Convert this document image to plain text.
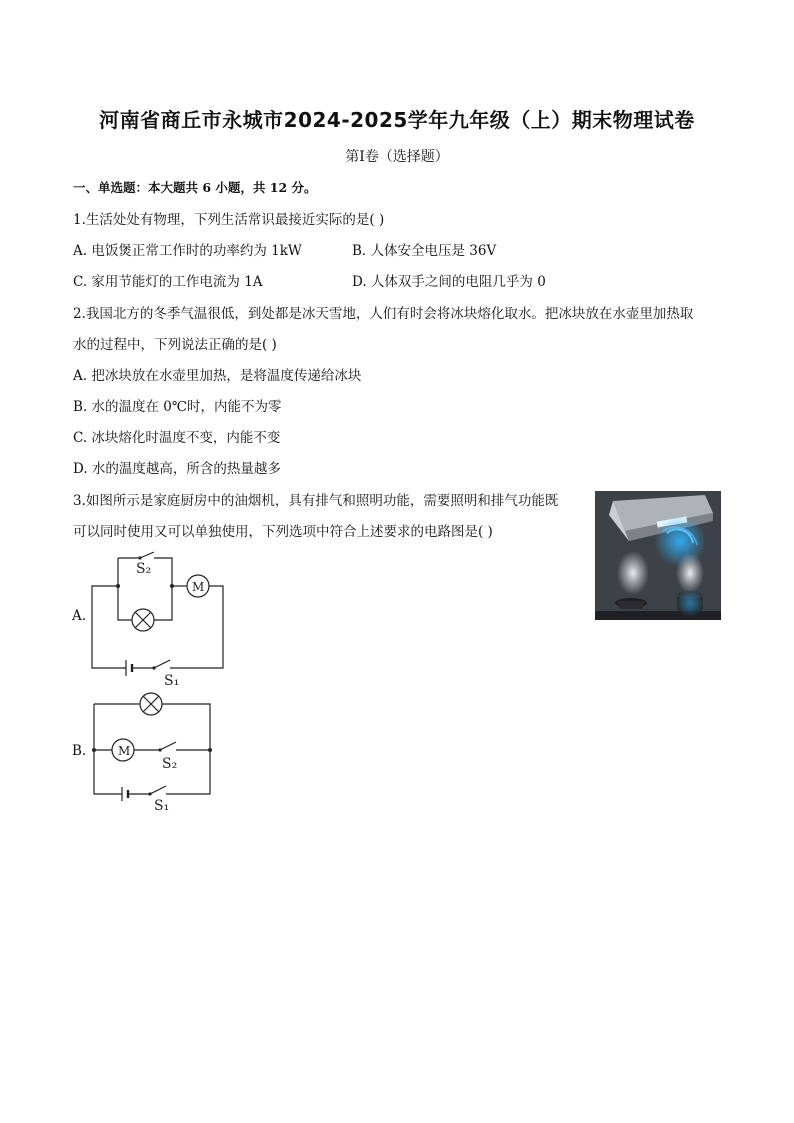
河南省商丘市永城市2024-2025学年九年级（上）期末物理试卷
第Ⅰ卷（选择题）
一、单选题：本大题共 6 小题，共 12 分。
1.生活处处有物理，下列生活常识最接近实际的是( )
A. 电饭煲正常工作时的功率约为 1kW	B. 人体安全电压是 36V
C. 家用节能灯的工作电流为 1A	D. 人体双手之间的电阻几乎为 0
2.我国北方的冬季气温很低，到处都是冰天雪地，人们有时会将冰块熔化取水。把冰块放在水壶里加热取
水的过程中，下列说法正确的是( )
A. 把冰块放在水壶里加热，是将温度传递给冰块
B. 水的温度在 0℃时，内能不为零
C. 冰块熔化时温度不变，内能不变
D. 水的温度越高，所含的热量越多
3.如图所示是家庭厨房中的油烟机，具有排气和照明功能，需要照明和排气功能既
可以同时使用又可以单独使用，下列选项中符合上述要求的电路图是( )
A.
M
S₂
S₁
B.	M
S₂
S₁
